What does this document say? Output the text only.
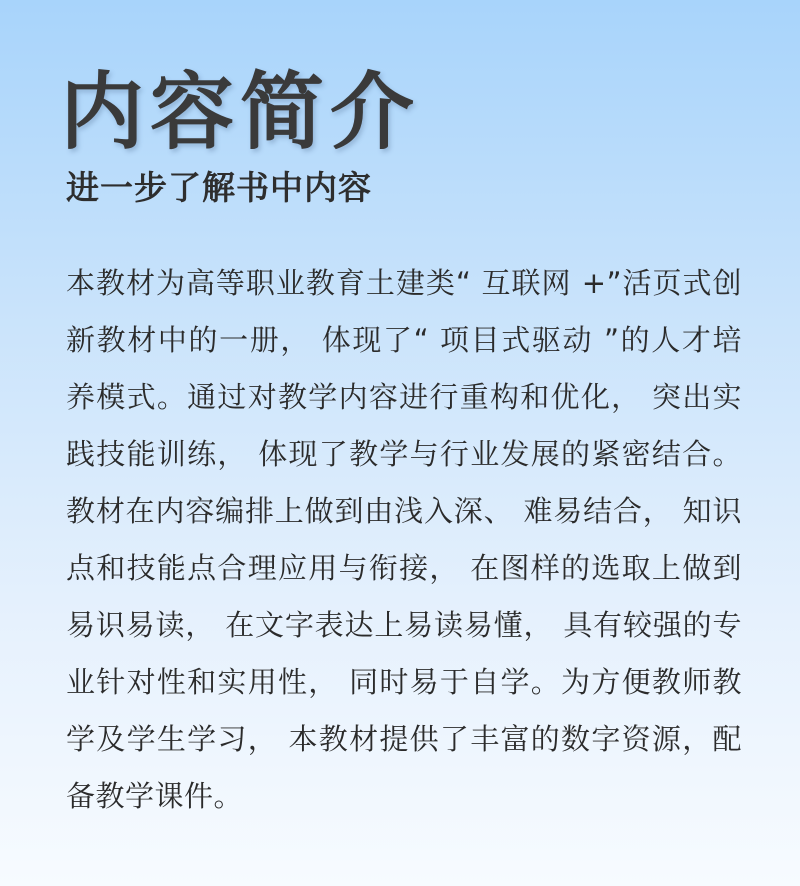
内容简介
进一步了解书中内容

本教材为高等职业教育土建类“ 互联网 +”活页式创新教材中的一册， 体现了“ 项目式驱动 ”的人才培养模式。通过对教学内容进行重构和优化， 突出实践技能训练， 体现了教学与行业发展的紧密结合。教材在内容编排上做到由浅入深、 难易结合， 知识点和技能点合理应用与衔接， 在图样的选取上做到易识易读， 在文字表达上易读易懂， 具有较强的专业针对性和实用性， 同时易于自学。为方便教师教学及学生学习， 本教材提供了丰富的数字资源，配备教学课件。
